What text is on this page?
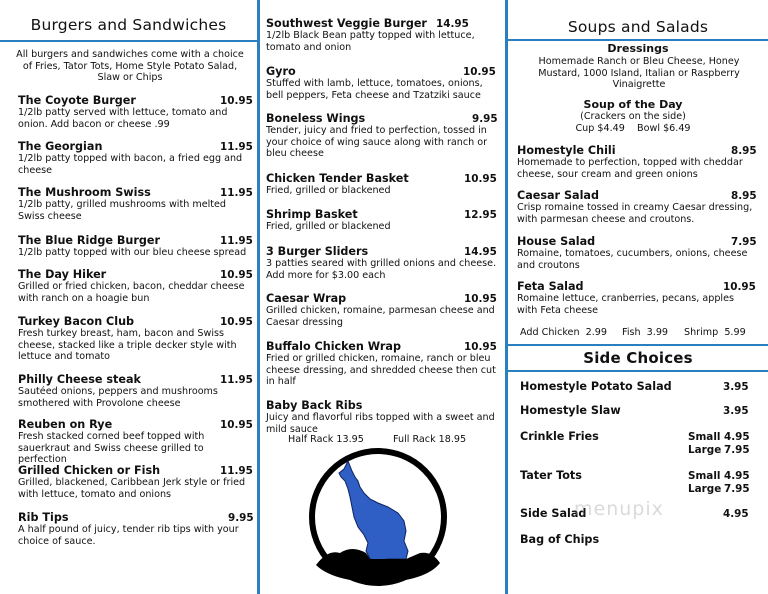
Burgers and Sandwiches
All burgers and sandwiches come with a choice of Fries, Tator Tots, Home Style Potato Salad, Slaw or Chips
The Coyote Burger	10.95
1/2lb patty served with lettuce, tomato and onion. Add bacon or cheese .99
The Georgian	11.95
1/2lb patty topped with bacon, a fried egg and cheese
The Mushroom Swiss	11.95
1/2lb patty, grilled mushrooms with melted Swiss cheese
The Blue Ridge Burger	11.95
1/2lb patty topped with our bleu cheese spread
The Day Hiker	10.95
Grilled or fried chicken, bacon, cheddar cheese with ranch on a hoagie bun
Turkey Bacon Club	10.95
Fresh turkey breast, ham, bacon and Swiss cheese, stacked like a triple decker style with lettuce and tomato
Philly Cheese steak	11.95
Sautéed onions, peppers and mushrooms smothered with Provolone cheese
Reuben on Rye	10.95
Fresh stacked corned beef topped with sauerkraut and Swiss cheese grilled to perfection
Grilled Chicken or Fish	11.95
Grilled, blackened, Caribbean Jerk style or fried with lettuce, tomato and onions
Rib Tips	9.95
A half pound of juicy, tender rib tips with your choice of sauce.
Southwest Veggie Burger 14.95
1/2lb Black Bean patty topped with lettuce, tomato and onion
Gyro	10.95
Stuffed with lamb, lettuce, tomatoes, onions, bell peppers, Feta cheese and Tzatziki sauce
Boneless Wings	9.95
Tender, juicy and fried to perfection, tossed in your choice of wing sauce along with ranch or bleu cheese
Chicken Tender Basket	10.95
Fried, grilled or blackened
Shrimp Basket	12.95
Fried, grilled or blackened
3 Burger Sliders	14.95
3 patties seared with grilled onions and cheese. Add more for $3.00 each
Caesar Wrap	10.95
Grilled chicken, romaine, parmesan cheese and Caesar dressing
Buffalo Chicken Wrap	10.95
Fried or grilled chicken, romaine, ranch or bleu cheese dressing, and shredded cheese then cut in half
Baby Back Ribs
Juicy and flavorful ribs topped with a sweet and mild sauce
Half Rack 13.95	Full Rack 18.95
Soups and Salads
Dressings
Homemade Ranch or Bleu Cheese, Honey Mustard, 1000 Island, Italian or Raspberry Vinaigrette
Soup of the Day
(Crackers on the side)
Cup $4.49    Bowl $6.49
Homestyle Chili	8.95
Homemade to perfection, topped with cheddar cheese, sour cream and green onions
Caesar Salad	8.95
Crisp romaine tossed in creamy Caesar dressing, with parmesan cheese and croutons.
House Salad	7.95
Romaine, tomatoes, cucumbers, onions, cheese and croutons
Feta Salad	10.95
Romaine lettuce, cranberries, pecans, apples with Feta cheese
Add Chicken  2.99 Fish  3.99 Shrimp  5.99
Side Choices
Homestyle Potato Salad	3.95
Homestyle Slaw	3.95
Crinkle Fries	Small 4.95
Large 7.95
Tater Tots	Small 4.95
Large 7.95
Side Salad	4.95
Bag of Chips
menupix
